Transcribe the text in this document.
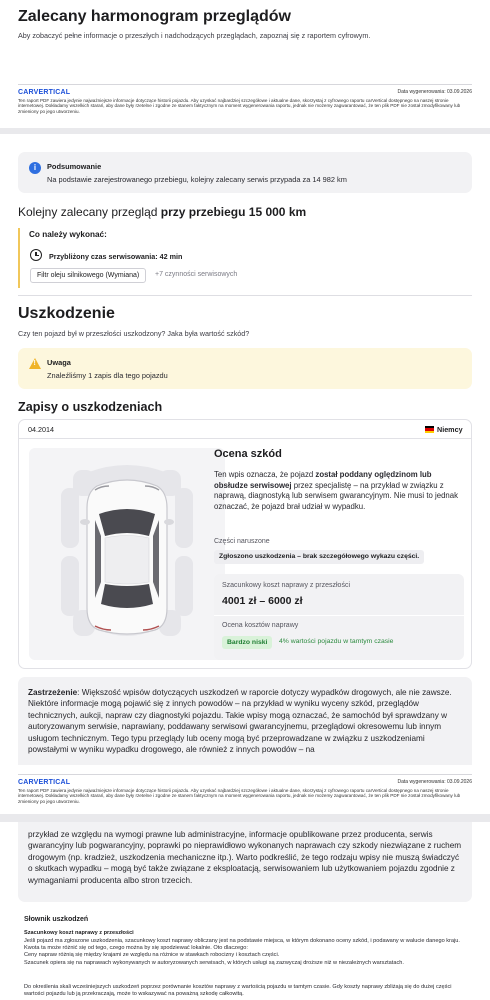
Zalecany harmonogram przeglądów
Aby zobaczyć pełne informacje o przeszłych i nadchodzących przeglądach, zapoznaj się z raportem cyfrowym.
CARVERTICAL	Data wygenerowania: 03.09.2026
Ten raport PDF zawiera jedynie najważniejsze informacje dotyczące historii pojazdu. Aby uzyskać najbardziej szczegółowe i aktualne dane, skorzystaj z cyfrowego raportu carVertical dostępnego na naszej stronie internetowej. Dokładamy wszelkich starań, aby dane były rzetelne i zgodne ze stanem faktycznym na moment wygenerowania raportu, jednak nie możemy zagwarantować, że ten plik PDF nie został zmodyfikowany lub zmieniony po jego utworzeniu.
i	Podsumowanie
Na podstawie zarejestrowanego przebiegu, kolejny zalecany serwis przypada za 14 982 km
Kolejny zalecany przegląd przy przebiegu 15 000 km
Co należy wykonać:
Przybliżony czas serwisowania: 42 min
Filtr oleju silnikowego (Wymiana)	+7 czynności serwisowych
Uszkodzenie
Czy ten pojazd był w przeszłości uszkodzony? Jaka była wartość szkód?
! Uwaga
Znaleźliśmy 1 zapis dla tego pojazdu
Zapisy o uszkodzeniach
04.2014	Niemcy
Ocena szkód
Ten wpis oznacza, że pojazd został poddany oględzinom lub obsłudze serwisowej przez specjalistę – na przykład w związku z naprawą, diagnostyką lub serwisem gwarancyjnym. Nie musi to jednak oznaczać, że pojazd brał udział w wypadku.
Części naruszone
Zgłoszono uszkodzenia – brak szczegółowego wykazu części.
Szacunkowy koszt naprawy z przeszłości
4001 zł – 6000 zł
Ocena kosztów naprawy
Bardzo niski	4% wartości pojazdu w tamtym czasie

Zastrzeżenie: Większość wpisów dotyczących uszkodzeń w raporcie dotyczy wypadków drogowych, ale nie zawsze. Niektóre informacje mogą pojawić się z innych powodów – na przykład w wyniku wyceny szkód, przeglądów technicznych, aukcji, napraw czy diagnostyki pojazdu. Takie wpisy mogą oznaczać, że samochód był sprawdzany w autoryzowanym serwisie, naprawiany, poddawany serwisowi gwarancyjnemu, przeglądowi okresowemu lub innym usługom technicznym. Tego typu przeglądy lub oceny mogą być przeprowadzane w związku z uszkodzeniami powstałymi w wyniku wypadku drogowego, ale również z innych powodów – na

CARVERTICAL	Data wygenerowania: 03.09.2026
Ten raport PDF zawiera jedynie najważniejsze informacje dotyczące historii pojazdu. Aby uzyskać najbardziej szczegółowe i aktualne dane, skorzystaj z cyfrowego raportu carVertical dostępnego na naszej stronie internetowej. Dokładamy wszelkich starań, aby dane były rzetelne i zgodne ze stanem faktycznym na moment wygenerowania raportu, jednak nie możemy zagwarantować, że ten plik PDF nie został zmodyfikowany lub zmieniony po jego utworzeniu.

przykład ze względu na wymogi prawne lub administracyjne, informacje opublikowane przez producenta, serwis gwarancyjny lub pogwarancyjny, poprawki po nieprawidłowo wykonanych naprawach czy szkody niezwiązane z ruchem drogowym (np. kradzież, uszkodzenia mechaniczne itp.). Warto podkreślić, że tego rodzaju wpisy nie muszą świadczyć o skutkach wypadku – mogą być także związane z eksploatacją, serwisowaniem lub użytkowaniem pojazdu zgodnie z wymaganiami producenta albo stron trzecich.

Słownik uszkodzeń
Szacunkowy koszt naprawy z przeszłości
Jeśli pojazd ma zgłoszone uszkodzenia, szacunkowy koszt naprawy obliczany jest na podstawie miejsca, w którym dokonano oceny szkód, i podawany w walucie danego kraju. Kwota ta może różnić się od tego, czego można by się spodziewać lokalnie. Oto dlaczego:
Ceny napraw różnią się między krajami ze względu na różnice w stawkach robocizny i kosztach części.
Szacunek opiera się na naprawach wykonywanych w autoryzowanych serwisach, w których usługi są zazwyczaj droższe niż w niezależnych warsztatach.
Do określenia skali wcześniejszych uszkodzeń poprzez porównanie kosztów naprawy z wartością pojazdu w tamtym czasie. Gdy koszty naprawy zbliżają się do dużej części wartości pojazdu lub ją przekraczają, może to wskazywać na poważną szkodę całkowitą.
